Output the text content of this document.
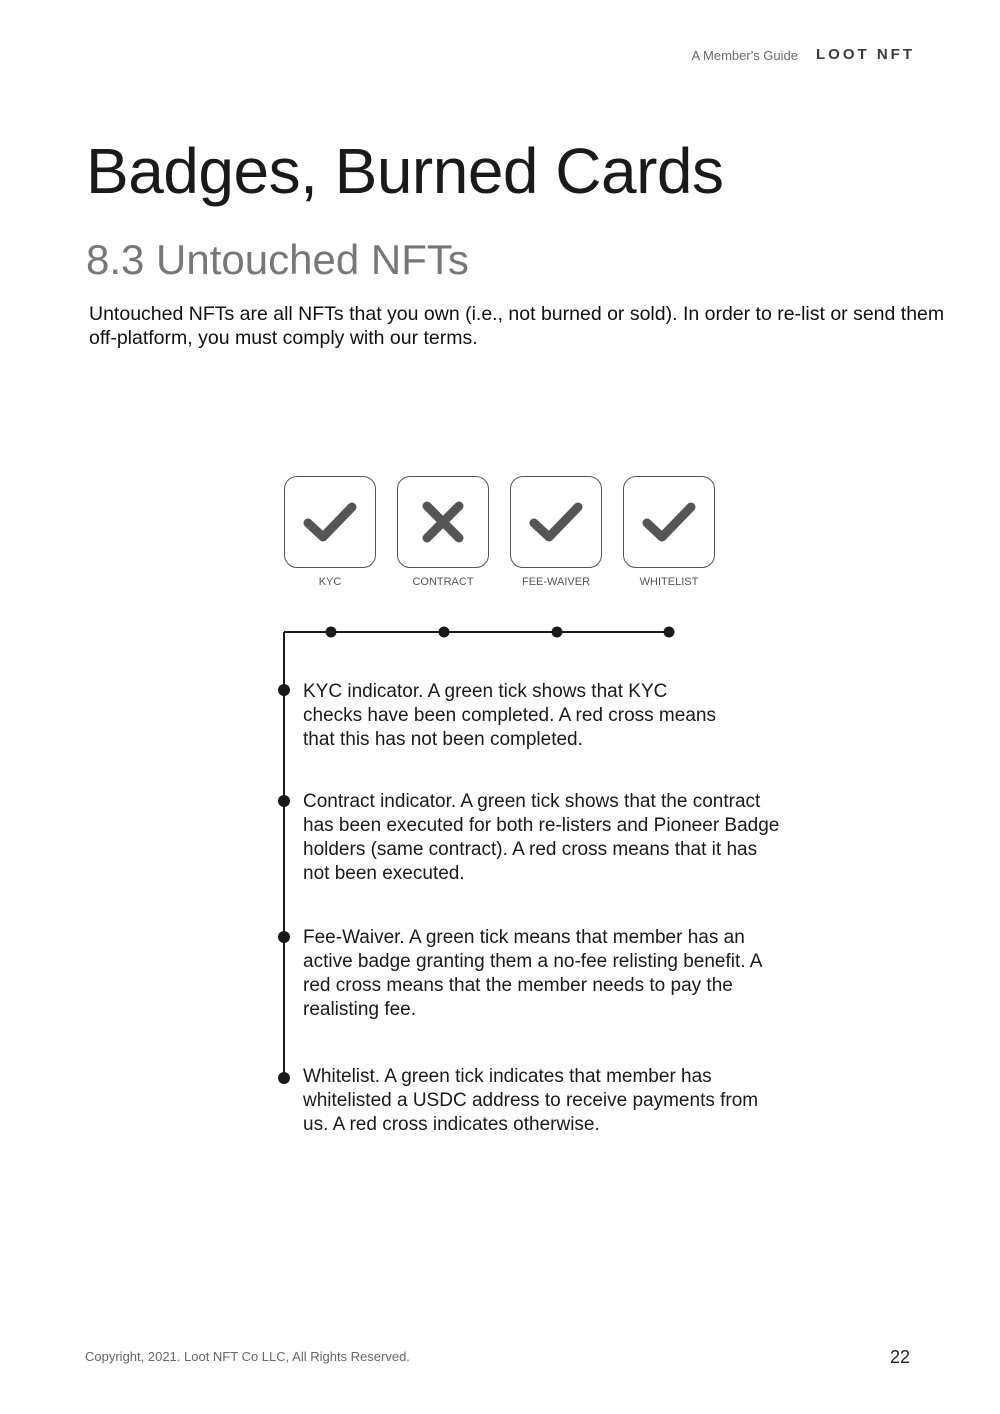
A Member's Guide LOOT NFT
Badges, Burned Cards
8.3 Untouched NFTs

Untouched NFTs are all NFTs that you own (i.e., not burned or sold). In order to re-list or send them off-platform, you must comply with our terms.

KYC	CONTRACT	FEE-WAIVER	WHITELIST

KYC indicator. A green tick shows that KYC checks have been completed. A red cross means that this has not been completed.

Contract indicator. A green tick shows that the contract has been executed for both re-listers and Pioneer Badge holders (same contract). A red cross means that it has not been executed.

Fee-Waiver. A green tick means that member has an active badge granting them a no-fee relisting benefit. A red cross means that the member needs to pay the realisting fee.

Whitelist. A green tick indicates that member has whitelisted a USDC address to receive payments from us. A red cross indicates otherwise.

Copyright, 2021. Loot NFT Co LLC, All Rights Reserved.	22
